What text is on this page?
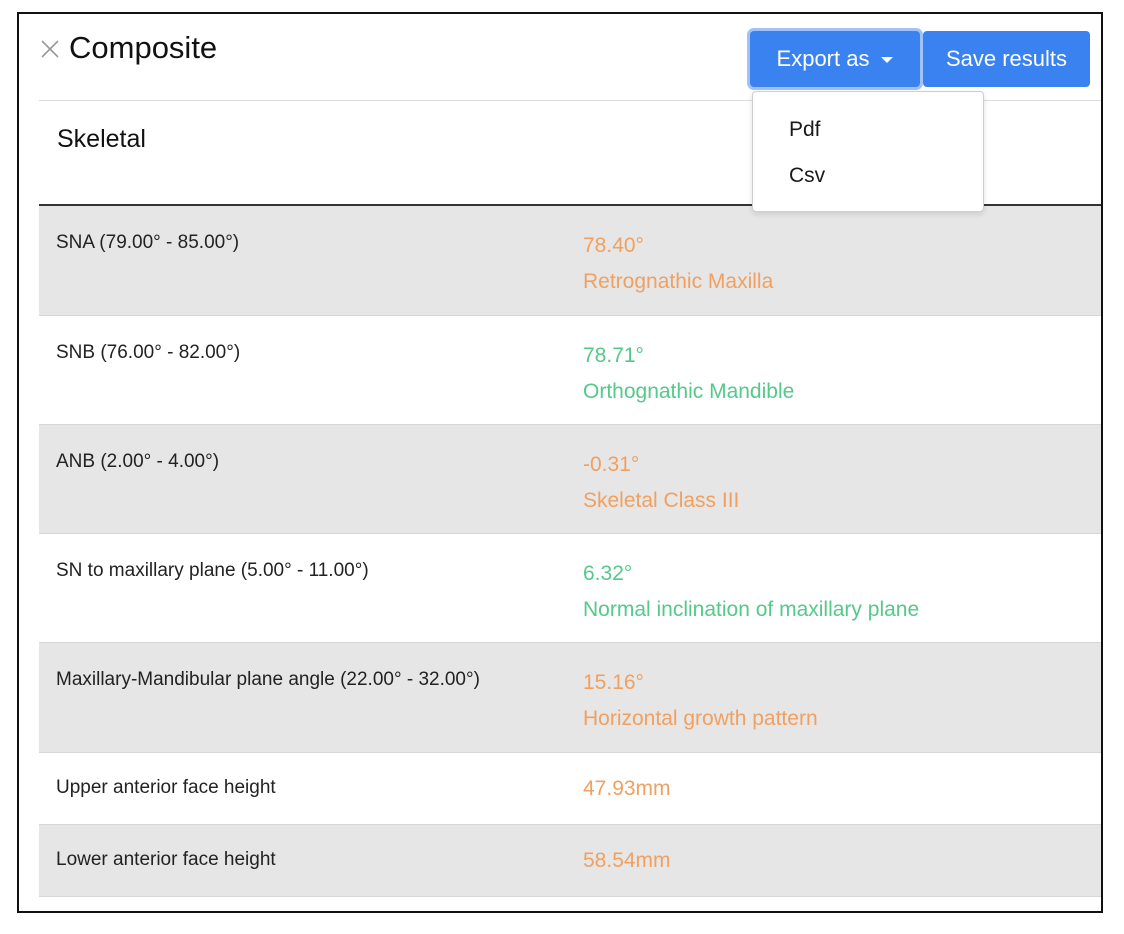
Composite	Export as	Save results
Skeletal
SNA (79.00° - 85.00°)	78.40°
Retrognathic Maxilla
SNB (76.00° - 82.00°)	78.71°
Orthognathic Mandible
ANB (2.00° - 4.00°)	-0.31°
Skeletal Class III
SN to maxillary plane (5.00° - 11.00°)	6.32°
Normal inclination of maxillary plane
Maxillary-Mandibular plane angle (22.00° - 32.00°)	15.16°
Horizontal growth pattern
Upper anterior face height	47.93mm
Lower anterior face height	58.54mm
Pdf
Csv
